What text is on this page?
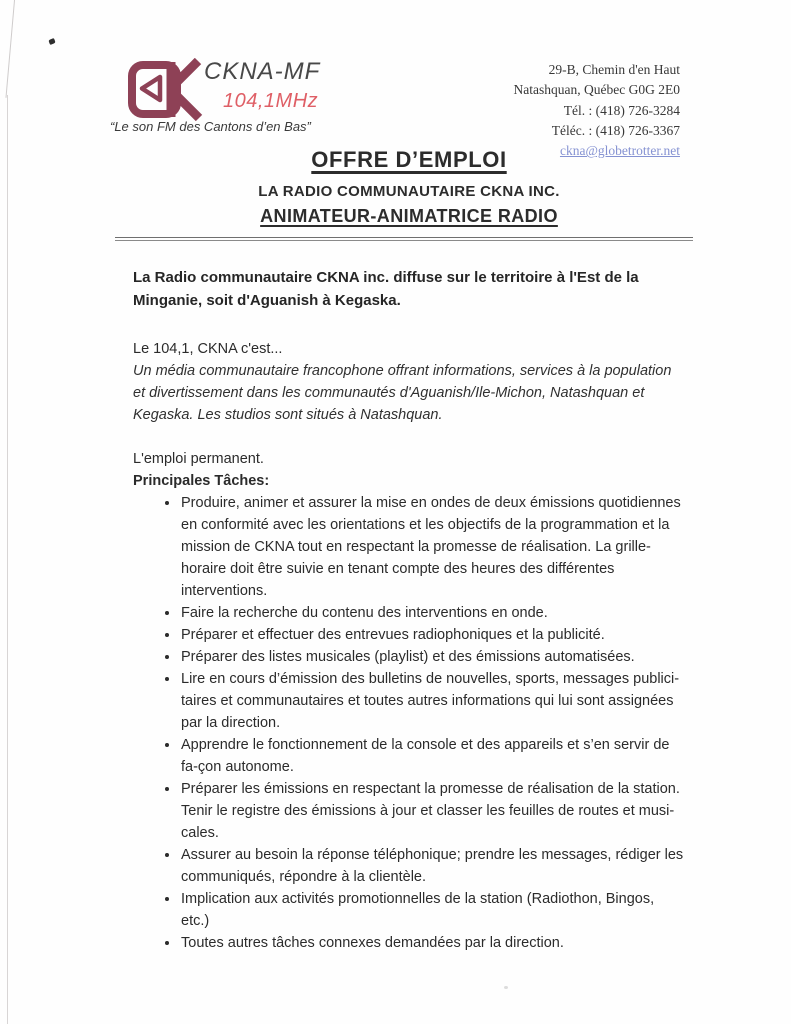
CKNA-MF
104,1MHz
“Le son FM des Cantons d’en Bas”
29-B, Chemin d'en Haut
Natashquan, Québec G0G 2E0
Tél. : (418) 726-3284
Téléc. : (418) 726-3367
ckna@globetrotter.net
OFFRE D’EMPLOI
LA RADIO COMMUNAUTAIRE CKNA INC.
ANIMATEUR-ANIMATRICE RADIO

La Radio communautaire CKNA inc. diffuse sur le territoire à l'Est de la Minganie, soit d'Aguanish à Kegaska.

Le 104,1, CKNA c'est...

Un média communautaire francophone offrant informations, services à la population et divertissement dans les communautés d'Aguanish/Ile-Michon, Natashquan et Kegaska. Les studios sont situés à Natashquan.

L'emploi permanent.

Principales Tâches:

• Produire, animer et assurer la mise en ondes de deux émissions quotidiennes en conformité avec les orientations et les objectifs de la programmation et la mission de CKNA tout en respectant la promesse de réalisation. La grille-horaire doit être suivie en tenant compte des heures des différentes interventions.
• Faire la recherche du contenu des interventions en onde.
• Préparer et effectuer des entrevues radiophoniques et la publicité.
• Préparer des listes musicales (playlist) et des émissions automatisées.
• Lire en cours d’émission des bulletins de nouvelles, sports, messages publici-taires et communautaires et toutes autres informations qui lui sont assignées par la direction.
• Apprendre le fonctionnement de la console et des appareils et s’en servir de fa-çon autonome.
• Préparer les émissions en respectant la promesse de réalisation de la station. Tenir le registre des émissions à jour et classer les feuilles de routes et musi-cales.
• Assurer au besoin la réponse téléphonique; prendre les messages, rédiger les communiqués, répondre à la clientèle.
• Implication aux activités promotionnelles de la station (Radiothon, Bingos, etc.)
• Toutes autres tâches connexes demandées par la direction.
